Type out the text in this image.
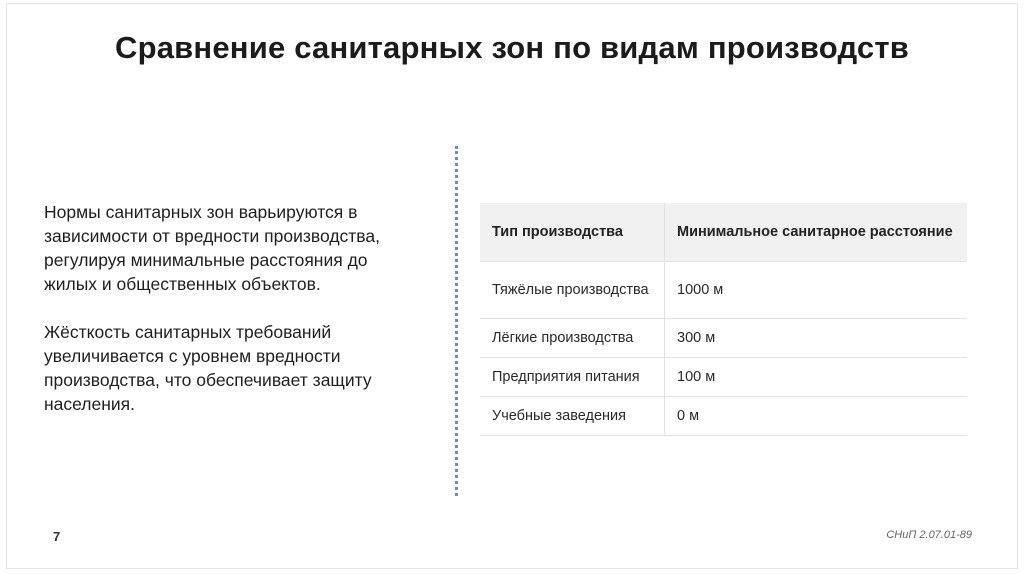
Сравнение санитарных зон по видам производств

Нормы санитарных зон варьируются в зависимости от вредности производства, регулируя минимальные расстояния до жилых и общественных объектов.

Жёсткость санитарных требований увеличивается с уровнем вредности производства, что обеспечивает защиту населения.

Тип производства	Минимальное санитарное расстояние
Тяжёлые производства	1000 м
Лёгкие производства	300 м
Предприятия питания	100 м
Учебные заведения	0 м
7	СНиП 2.07.01-89
